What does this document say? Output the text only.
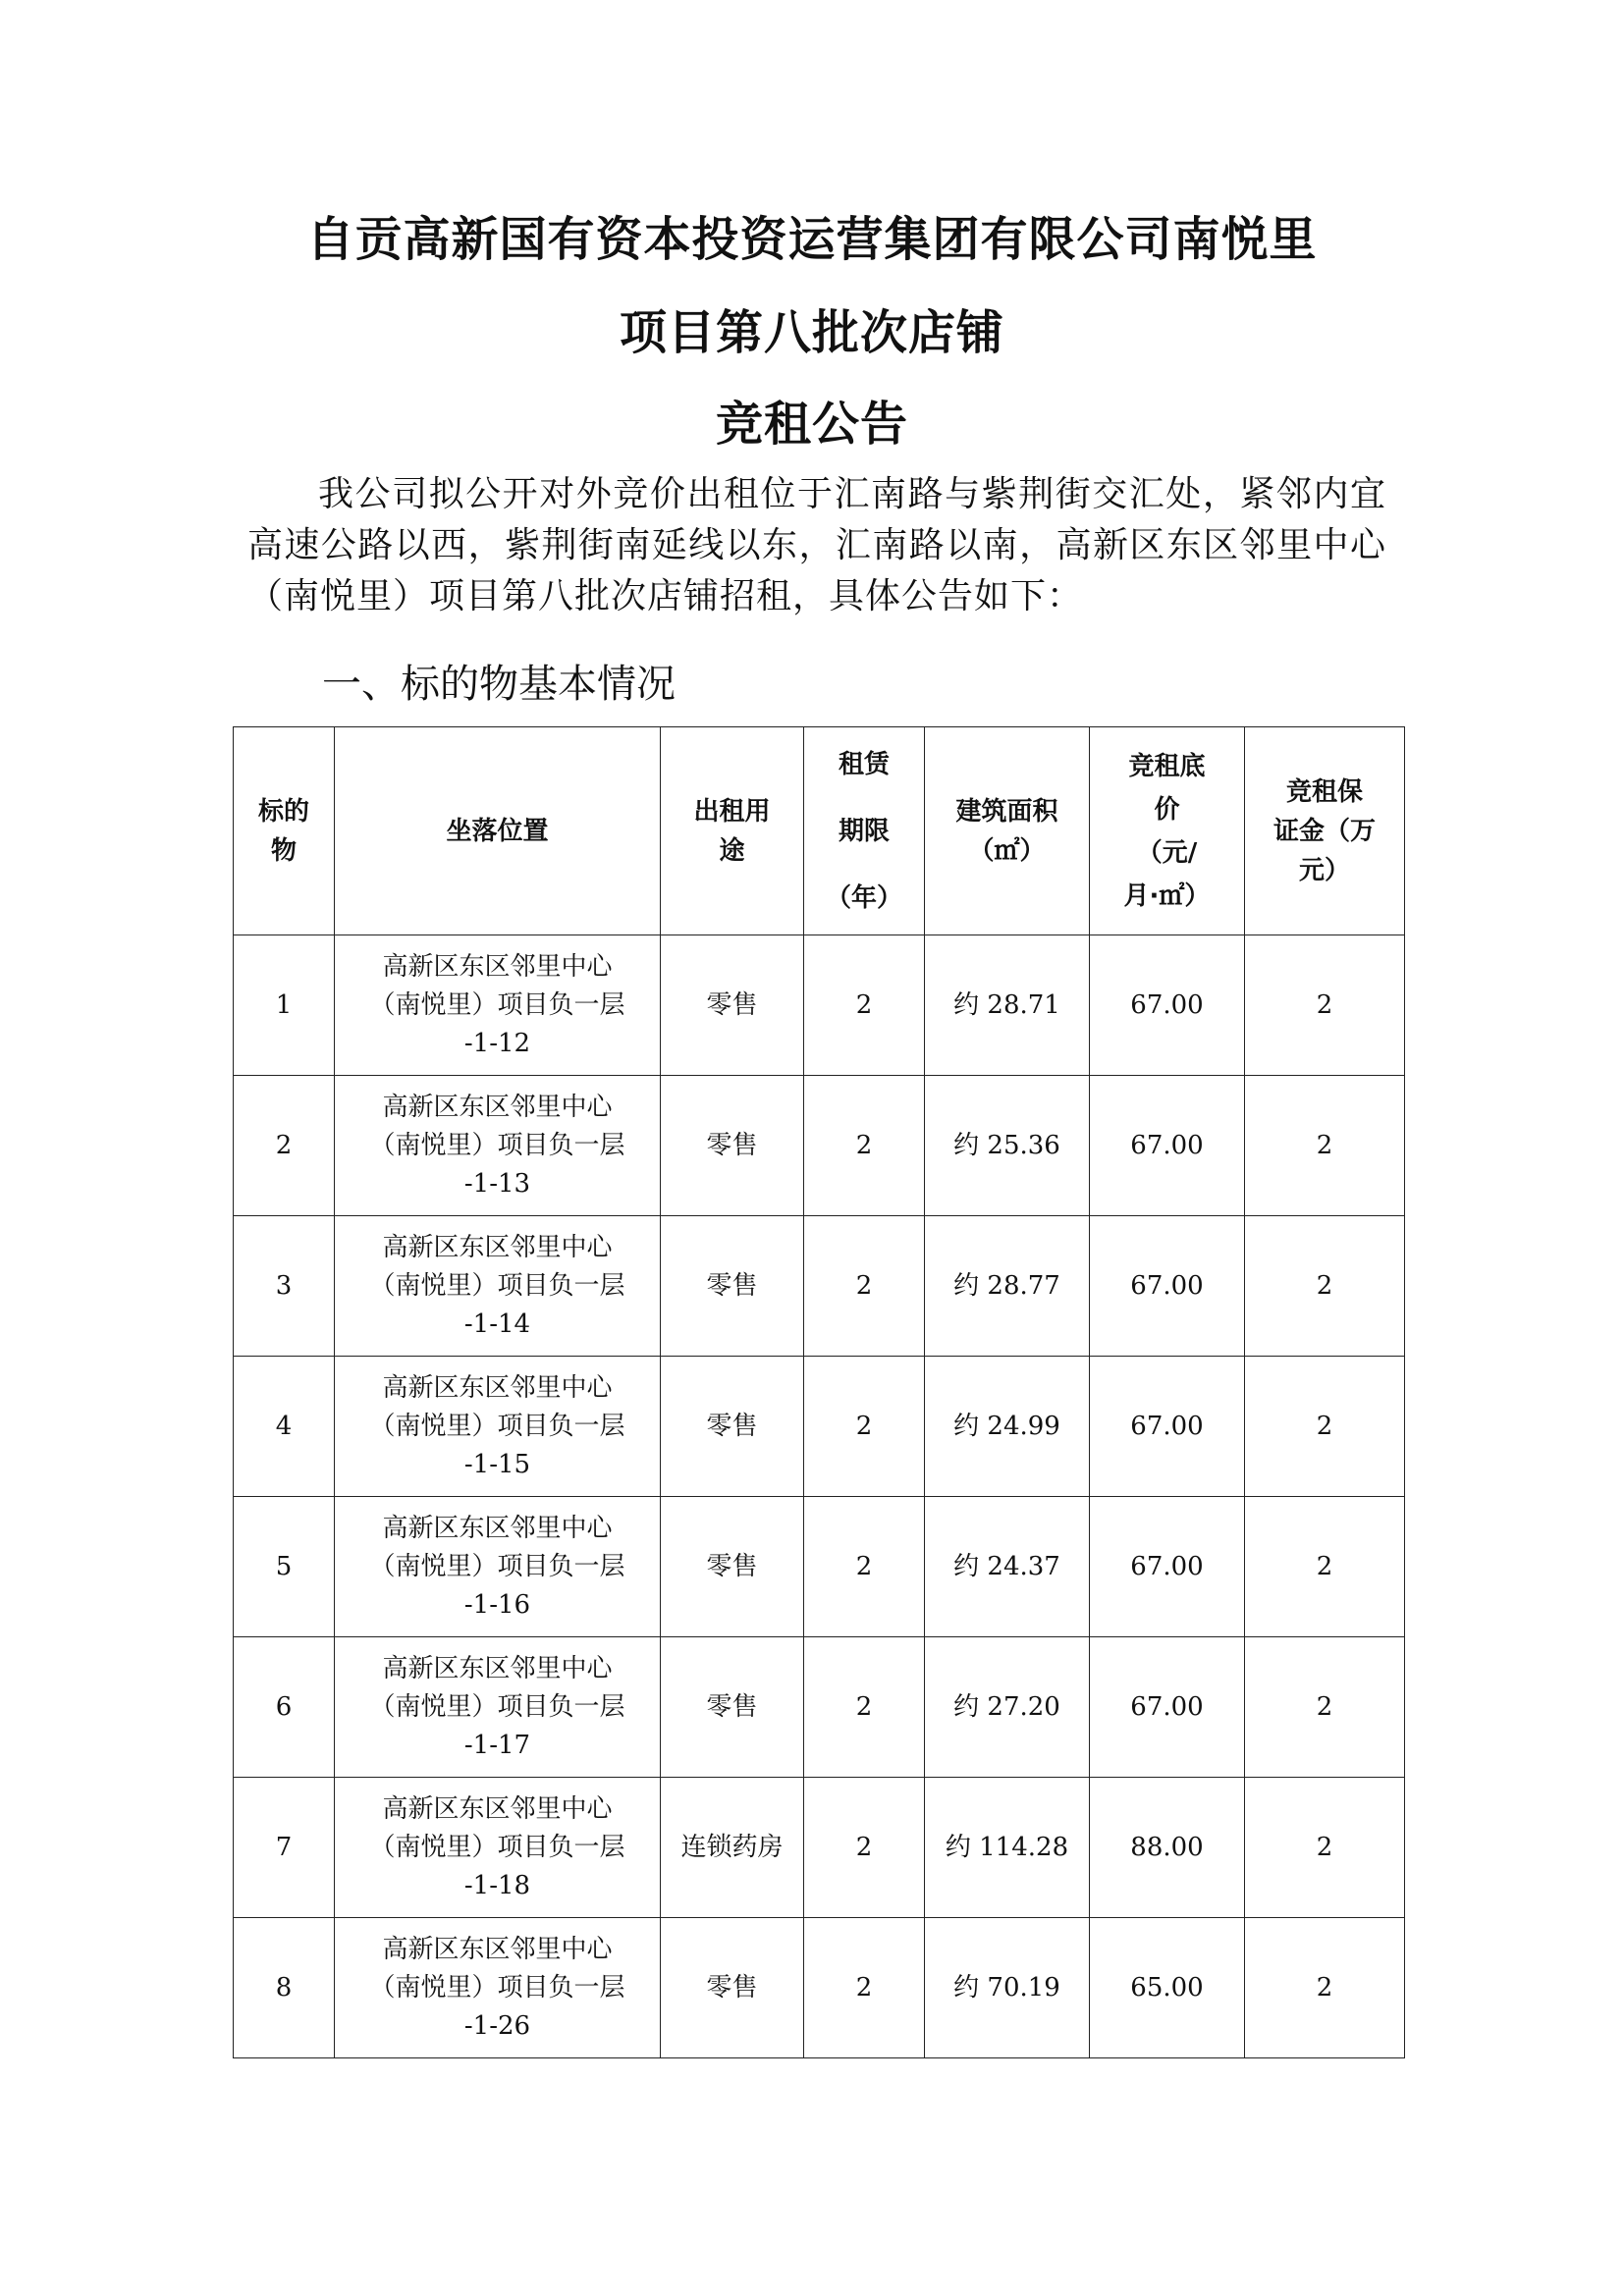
自贡高新国有资本投资运营集团有限公司南悦里
项目第八批次店铺
竞租公告

我公司拟公开对外竞价出租位于汇南路与紫荆街交汇处，紧邻内宜高速公路以西，紫荆街南延线以东，汇南路以南，高新区东区邻里中心（南悦里）项目第八批次店铺招租，具体公告如下：

一、标的物基本情况
标的
物	坐落位置	出租用
途	租赁
期限
（年）	建筑面积
（㎡）	竞租底
价
（元/
月·㎡）	竞租保
证金（万
元）

1	高新区东区邻里中心
（南悦里）项目负一层
-1-12	零售	2	约 28.71	67.00	2
2	高新区东区邻里中心
（南悦里）项目负一层
-1-13	零售	2	约 25.36	67.00	2
3	高新区东区邻里中心
（南悦里）项目负一层
-1-14	零售	2	约 28.77	67.00	2
4	高新区东区邻里中心
（南悦里）项目负一层
-1-15	零售	2	约 24.99	67.00	2
5	高新区东区邻里中心
（南悦里）项目负一层
-1-16	零售	2	约 24.37	67.00	2
6	高新区东区邻里中心
（南悦里）项目负一层
-1-17	零售	2	约 27.20	67.00	2
7	高新区东区邻里中心
（南悦里）项目负一层
-1-18	连锁药房	2	约 114.28	88.00	2
8	高新区东区邻里中心
（南悦里）项目负一层
-1-26	零售	2	约 70.19	65.00	2
